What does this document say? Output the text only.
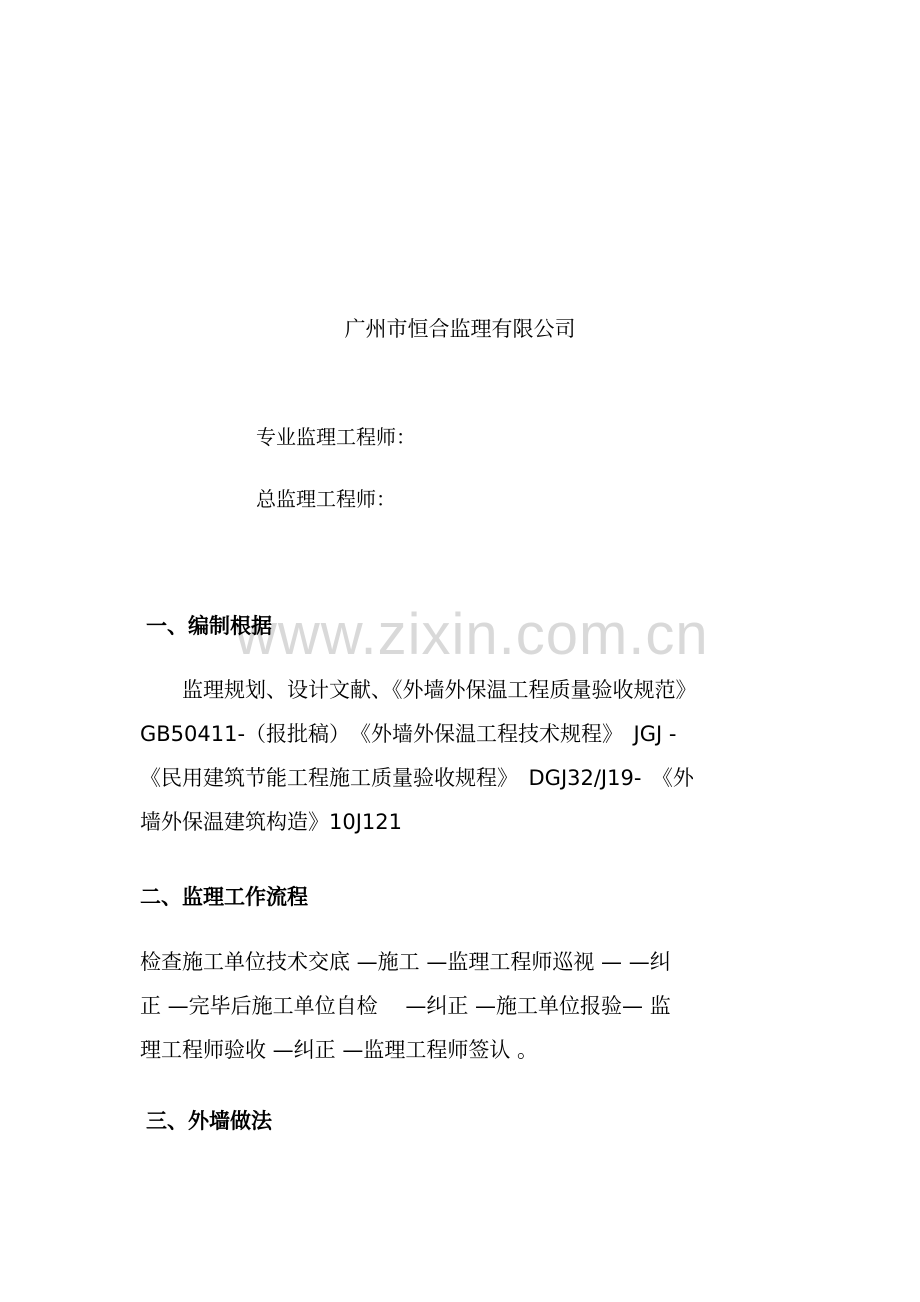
广州市恒合监理有限公司
专业监理工程师：
总监理工程师：
www.zixin.com.cn
一、编制根据
　　监理规划、设计文献、《外墙外保温工程质量验收规范》
GB50411-（报批稿）　《外墙外保温工程技术规程》　JGJ -
《民用建筑节能工程施工质量验收规程》　DGJ32/J19-　《外
墙外保温建筑构造》10J121
二、监理工作流程
检查施工单位技术交底 —施工 —监理工程师巡视 — —纠
正 —完毕后施工单位自检　 —纠正 —施工单位报验— 监
理工程师验收 —纠正 —监理工程师签认 。
三、外墙做法
